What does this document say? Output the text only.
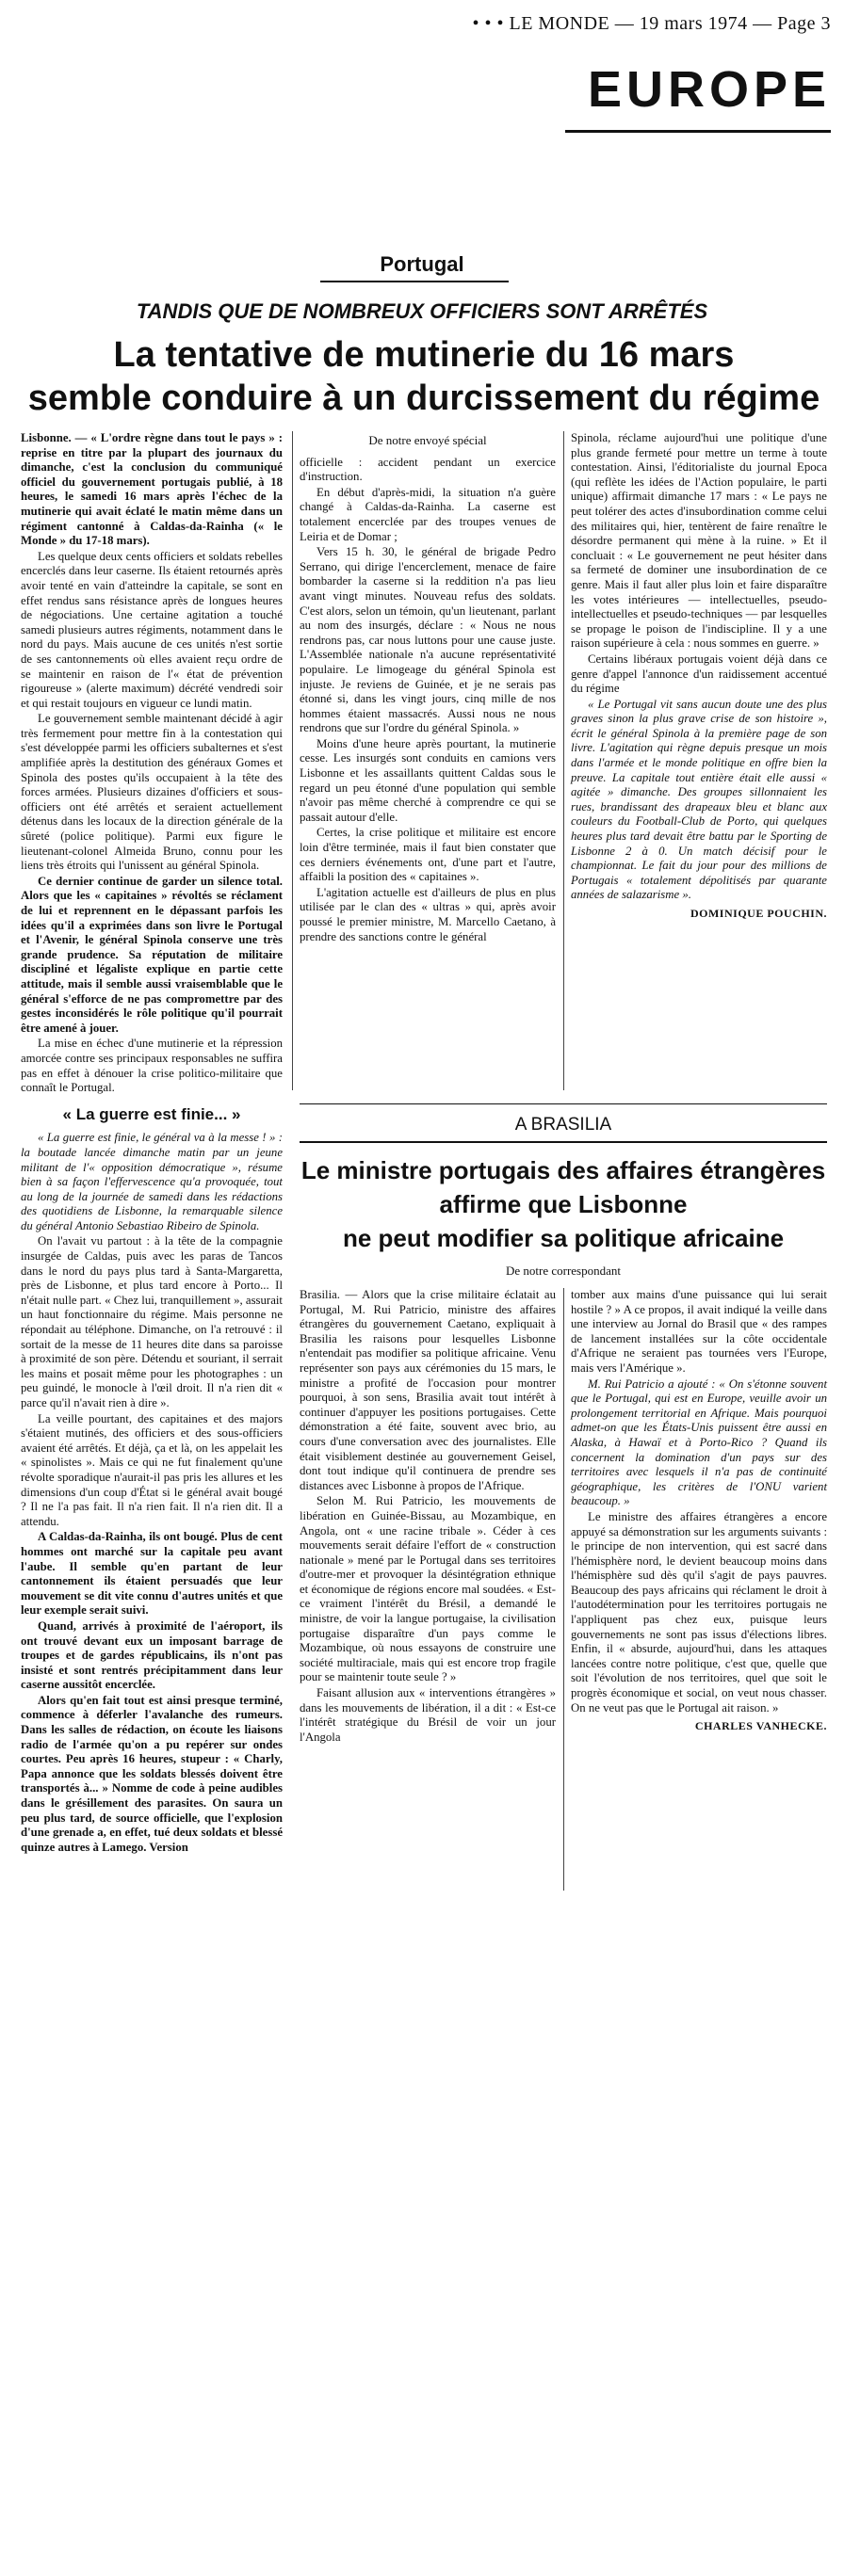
• • • LE MONDE — 19 mars 1974 — Page 3
EUROPE
Portugal
TANDIS QUE DE NOMBREUX OFFICIERS SONT ARRÊTÉS
La tentative de mutinerie du 16 mars
semble conduire à un durcissement du régime

Lisbonne. — « L'ordre règne dans tout le pays » : reprise en titre par la plupart des journaux du dimanche, c'est la conclusion du communiqué officiel du gouvernement portugais publié, à 18 heures, le samedi 16 mars après l'échec de la mutinerie qui avait éclaté le matin même dans un régiment cantonné à Caldas-da-Rainha (« le Monde » du 17-18 mars).

Les quelque deux cents officiers et soldats rebelles encerclés dans leur caserne. Ils étaient retournés après avoir tenté en vain d'atteindre la capitale, se sont en effet rendus sans résistance après de longues heures de négociations. Une certaine agitation a touché samedi plusieurs autres régiments, notamment dans le nord du pays. Mais aucune de ces unités n'est sortie de ses cantonnements où elles avaient reçu ordre de se maintenir en raison de l'« état de prévention rigoureuse » (alerte maximum) décrété vendredi soir et qui restait toujours en vigueur ce lundi matin.

Le gouvernement semble maintenant décidé à agir très fermement pour mettre fin à la contestation qui s'est développée parmi les officiers subalternes et s'est amplifiée après la destitution des généraux Gomes et Spinola des postes qu'ils occupaient à la tête des forces armées. Plusieurs dizaines d'officiers et sous-officiers ont été arrêtés et seraient actuellement détenus dans les locaux de la direction générale de la sûreté (police politique). Parmi eux figure le lieutenant-colonel Almeida Bruno, connu pour les liens très étroits qui l'unissent au général Spinola.

Ce dernier continue de garder un silence total. Alors que les « capitaines » révoltés se réclament de lui et reprennent en le dépassant parfois les idées qu'il a exprimées dans son livre le Portugal et l'Avenir, le général Spinola conserve une très grande prudence. Sa réputation de militaire discipliné et légaliste explique en partie cette attitude, mais il semble aussi vraisemblable que le général s'efforce de ne pas compromettre par des gestes inconsidérés le rôle politique qu'il pourrait être amené à jouer.

La mise en échec d'une mutinerie et la répression amorcée contre ses principaux responsables ne suffira pas en effet à dénouer la crise politico-militaire que connaît le Portugal.

« La guerre est finie... »

« La guerre est finie, le général va à la messe ! » : la boutade lancée dimanche matin par un jeune militant de l'« opposition démocratique », résume bien à sa façon l'effervescence qu'a provoquée, tout au long de la journée de samedi dans les rédactions des quotidiens de Lisbonne, la remarquable silence du général Antonio Sebastiao Ribeiro de Spinola.

On l'avait vu partout : à la tête de la compagnie insurgée de Caldas, puis avec les paras de Tancos dans le nord du pays plus tard à Santa-Margaretta, près de Lisbonne, et plus tard encore à Porto... Il n'était nulle part. « Chez lui, tranquillement », assurait un haut fonctionnaire du régime. Mais personne ne répondait au téléphone. Dimanche, on l'a retrouvé : il sortait de la messe de 11 heures dite dans sa paroisse à proximité de son père. Détendu et souriant, il serrait les mains et posait même pour les photographes : un peu guindé, le monocle à l'œil droit. Il n'a rien dit « parce qu'il n'avait rien à dire ».

La veille pourtant, des capitaines et des majors s'étaient mutinés, des officiers et des sous-officiers avaient été arrêtés. Et déjà, ça et là, on les appelait les « spinolistes ». Mais ce qui ne fut finalement qu'une révolte sporadique n'aurait-il pas pris les allures et les dimensions d'un coup d'État si le général avait bougé ? Il ne l'a pas fait. Il n'a rien fait. Il n'a rien dit. Il a attendu.

A Caldas-da-Rainha, ils ont bougé. Plus de cent hommes ont marché sur la capitale peu avant l'aube. Il semble qu'en partant de leur cantonnement ils étaient persuadés que leur mouvement se dit vite connu d'autres unités et que leur exemple serait suivi.

Quand, arrivés à proximité de l'aéroport, ils ont trouvé devant eux un imposant barrage de troupes et de gardes républicains, ils n'ont pas insisté et sont rentrés précipitamment dans leur caserne aussitôt encerclée.

Alors qu'en fait tout est ainsi presque terminé, commence à déferler l'avalanche des rumeurs. Dans les salles de rédaction, on écoute les liaisons radio de l'armée qu'on a pu repérer sur ondes courtes. Peu après 16 heures, stupeur : « Charly, Papa annonce que les soldats blessés doivent être transportés à... » Nomme de code à peine audibles dans le grésillement des parasites. On saura un peu plus tard, de source officielle, que l'explosion d'une grenade a, en effet, tué deux soldats et blessé quinze autres à Lamego. Version

De notre envoyé spécial

officielle : accident pendant un exercice d'instruction.

En début d'après-midi, la situation n'a guère changé à Caldas-da-Rainha. La caserne est totalement encerclée par des troupes venues de Leiria et de Domar ;

Vers 15 h. 30, le général de brigade Pedro Serrano, qui dirige l'encerclement, menace de faire bombarder la caserne si la reddition n'a pas lieu avant vingt minutes. Nouveau refus des soldats. C'est alors, selon un témoin, qu'un lieutenant, parlant au nom des insurgés, déclare : « Nous ne nous rendrons pas, car nous luttons pour une cause juste. L'Assemblée nationale n'a aucune représentativité populaire. Le limogeage du général Spinola est injuste. Je reviens de Guinée, et je ne serais pas étonné si, dans les vingt jours, cinq mille de nos hommes étaient massacrés. Aussi nous ne nous rendrons que sur l'ordre du général Spinola. »

Moins d'une heure après pourtant, la mutinerie cesse. Les insurgés sont conduits en camions vers Lisbonne et les assaillants quittent Caldas sous le regard un peu étonné d'une population qui semble n'avoir pas même cherché à comprendre ce qui se passait autour d'elle.

Certes, la crise politique et militaire est encore loin d'être terminée, mais il faut bien constater que ces derniers événements ont, d'une part et l'autre, affaibli la position des « capitaines ».

L'agitation actuelle est d'ailleurs de plus en plus utilisée par le clan des « ultras » qui, après avoir poussé le premier ministre, M. Marcello Caetano, à prendre des sanctions contre le général

Spinola, réclame aujourd'hui une politique d'une plus grande fermeté pour mettre un terme à toute contestation. Ainsi, l'éditorialiste du journal Epoca (qui reflète les idées de l'Action populaire, le parti unique) affirmait dimanche 17 mars : « Le pays ne peut tolérer des actes d'insubordination comme celui des militaires qui, hier, tentèrent de faire renaître le désordre permanent qui mène à la ruine. » Et il concluait : « Le gouvernement ne peut hésiter dans sa fermeté de dominer une insubordination de ce genre. Mais il faut aller plus loin et faire disparaître les votes intérieures — intellectuelles, pseudo-intellectuelles et pseudo-techniques — par lesquelles se propage le poison de l'indiscipline. Il y a une raison supérieure à cela : nous sommes en guerre. »

Certains libéraux portugais voient déjà dans ce genre d'appel l'annonce d'un raidissement accentué du régime

« Le Portugal vit sans aucun doute une des plus graves sinon la plus grave crise de son histoire », écrit le général Spinola à la première page de son livre. L'agitation qui règne depuis presque un mois dans l'armée et le monde politique en offre bien la preuve. La capitale tout entière était elle aussi « agitée » dimanche. Des groupes sillonnaient les rues, brandissant des drapeaux bleu et blanc aux couleurs du Football-Club de Porto, qui quelques heures plus tard devait être battu par le Sporting de Lisbonne 2 à 0. Un match décisif pour le championnat. Le fait du jour pour des millions de Portugais « totalement dépolitisés par quarante années de salazarisme ».

DOMINIQUE POUCHIN.
A BRASILIA
Le ministre portugais des affaires étrangères
affirme que Lisbonne
ne peut modifier sa politique africaine
De notre correspondant

Brasilia. — Alors que la crise militaire éclatait au Portugal, M. Rui Patricio, ministre des affaires étrangères du gouvernement Caetano, expliquait à Brasilia les raisons pour lesquelles Lisbonne n'entendait pas modifier sa politique africaine. Venu représenter son pays aux cérémonies du 15 mars, le ministre a profité de l'occasion pour montrer pourquoi, à son sens, Brasilia avait tout intérêt à continuer d'appuyer les positions portugaises. Cette démonstration a été faite, souvent avec brio, au cours d'une conversation avec des journalistes. Elle était visiblement destinée au gouvernement Geisel, dont tout indique qu'il continuera de prendre ses distances avec Lisbonne à propos de l'Afrique.

Selon M. Rui Patricio, les mouvements de libération en Guinée-Bissau, au Mozambique, en Angola, ont « une racine tribale ». Céder à ces mouvements serait défaire l'effort de « construction nationale » mené par le Portugal dans ses territoires d'outre-mer et provoquer la désintégration ethnique et économique de régions encore mal soudées. « Est-ce vraiment l'intérêt du Brésil, a demandé le ministre, de voir la langue portugaise, la civilisation portugaise disparaître d'un pays comme le Mozambique, où nous essayons de construire une société multiraciale, mais qui est encore trop fragile pour se maintenir toute seule ? »

Faisant allusion aux « interventions étrangères » dans les mouvements de libération, il a dit : « Est-ce l'intérêt stratégique du Brésil de voir un jour l'Angola

tomber aux mains d'une puissance qui lui serait hostile ? » A ce propos, il avait indiqué la veille dans une interview au Jornal do Brasil que « des rampes de lancement installées sur la côte occidentale d'Afrique ne seraient pas tournées vers l'Europe, mais vers l'Amérique ».

M. Rui Patricio a ajouté : « On s'étonne souvent que le Portugal, qui est en Europe, veuille avoir un prolongement territorial en Afrique. Mais pourquoi admet-on que les États-Unis puissent être aussi en Alaska, à Hawaï et à Porto-Rico ? Quand ils concernent la domination d'un pays sur des territoires avec lesquels il n'a pas de continuité géographique, les critères de l'ONU varient beaucoup. »

Le ministre des affaires étrangères a encore appuyé sa démonstration sur les arguments suivants : le principe de non intervention, qui est sacré dans l'hémisphère nord, le devient beaucoup moins dans l'hémisphère sud dès qu'il s'agit de pays pauvres. Beaucoup des pays africains qui réclament le droit à l'autodétermination pour les territoires portugais ne l'appliquent pas chez eux, puisque leurs gouvernements ne sont pas issus d'élections libres. Enfin, il « absurde, aujourd'hui, dans les attaques lancées contre notre politique, c'est que, quelle que soit l'évolution de nos territoires, quel que soit le progrès économique et social, on veut nous chasser. On ne veut pas que le Portugal ait raison. »

CHARLES VANHECKE.
